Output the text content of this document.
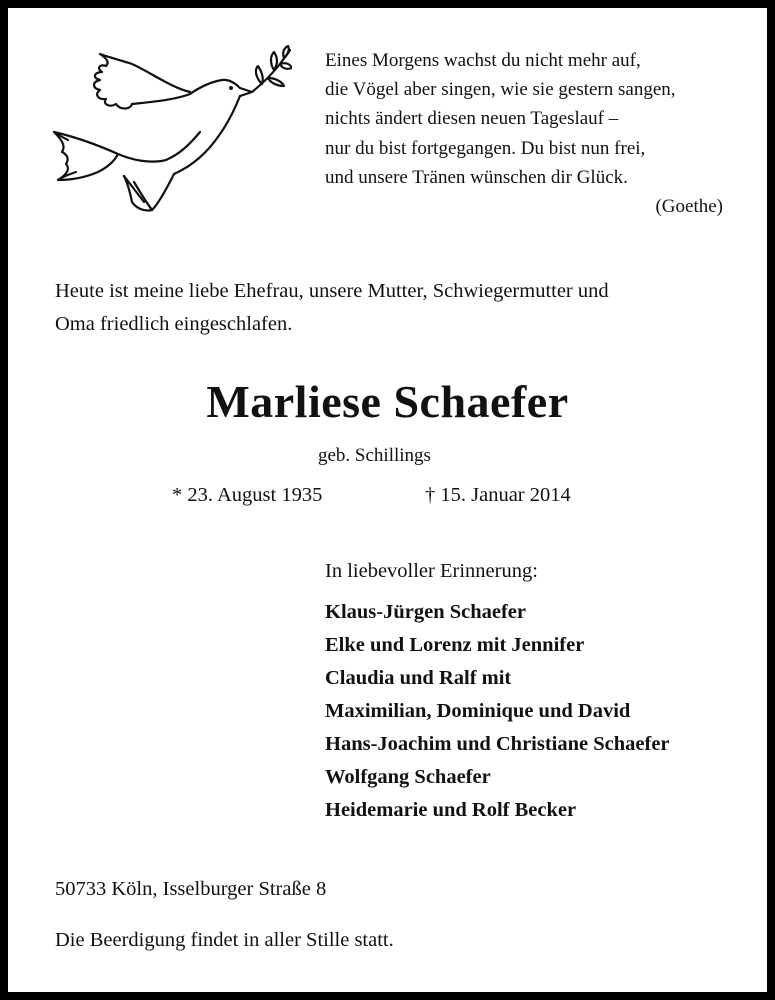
Eines Morgens wachst du nicht mehr auf,
die Vögel aber singen, wie sie gestern sangen,
nichts ändert diesen neuen Tageslauf –
nur du bist fortgegangen. Du bist nun frei,
und unsere Tränen wünschen dir Glück.
(Goethe)
Heute ist meine liebe Ehefrau, unsere Mutter, Schwiegermutter und
Oma friedlich eingeschlafen.
Marliese Schaefer
geb. Schillings
* 23. August 1935	† 15. Januar 2014
In liebevoller Erinnerung:
Klaus-Jürgen Schaefer
Elke und Lorenz mit Jennifer
Claudia und Ralf mit
Maximilian, Dominique und David
Hans-Joachim und Christiane Schaefer
Wolfgang Schaefer
Heidemarie und Rolf Becker
50733 Köln, Isselburger Straße 8
Die Beerdigung findet in aller Stille statt.
